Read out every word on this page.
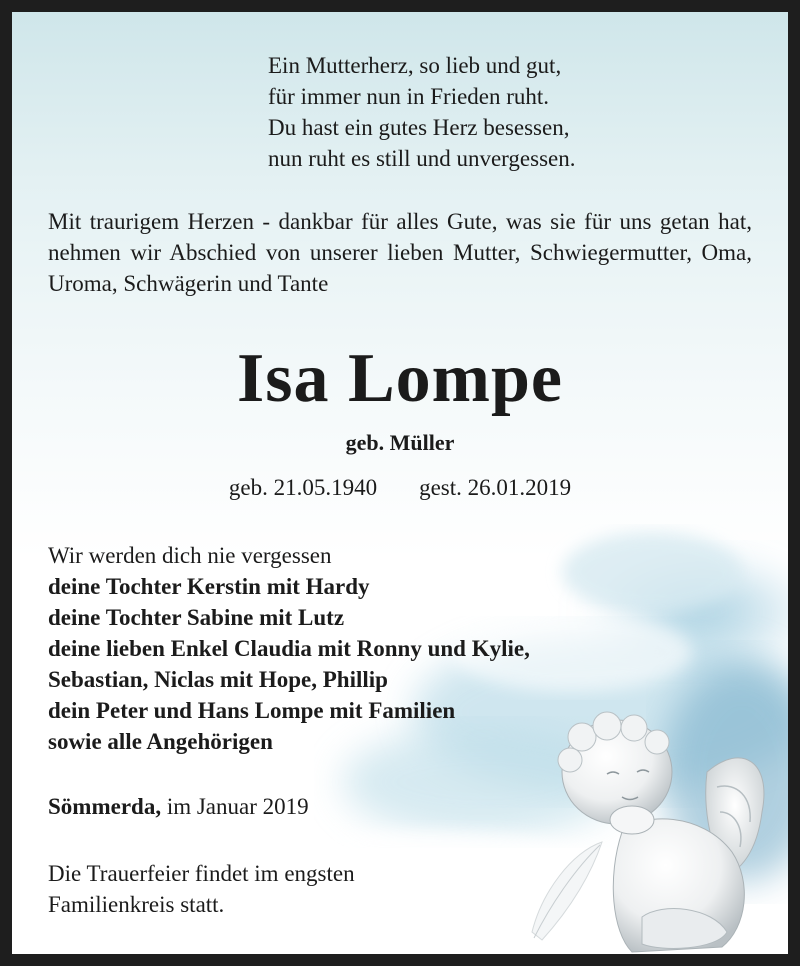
Ein Mutterherz, so lieb und gut,
für immer nun in Frieden ruht.
Du hast ein gutes Herz besessen,
nun ruht es still und unvergessen.
Mit traurigem Herzen - dankbar für alles Gute, was sie für uns getan hat, nehmen wir Abschied von unserer lieben Mutter, Schwiegermutter, Oma, Uroma, Schwägerin und Tante
Isa Lompe
geb. Müller
geb. 21.05.1940 gest. 26.01.2019
Wir werden dich nie vergessen
deine Tochter Kerstin mit Hardy
deine Tochter Sabine mit Lutz
deine lieben Enkel Claudia mit Ronny und Kylie,
Sebastian, Niclas mit Hope, Phillip
dein Peter und Hans Lompe mit Familien
sowie alle Angehörigen
Sömmerda, im Januar 2019
Die Trauerfeier findet im engsten
Familienkreis statt.
